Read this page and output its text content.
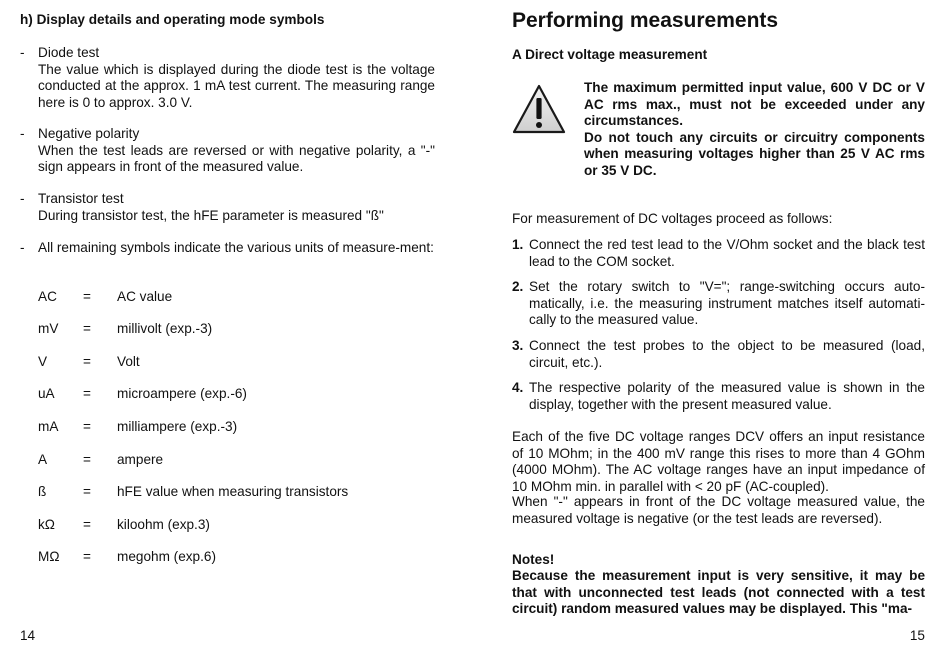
h) Display details and operating mode symbols

- Diode test
The value which is displayed during the diode test is the voltage conducted at the approx. 1 mA test current. The measuring range here is 0 to approx. 3.0 V.
- Negative polarity
When the test leads are reversed or with negative polarity, a "-" sign appears in front of the measured value.
- Transistor test
During transistor test, the hFE parameter is measured "ß"
- All remaining symbols indicate the various units of measure-ment:
AC = AC value
mV = millivolt (exp.-3)
V	= Volt
uA = microampere (exp.-6)
mA = milliampere (exp.-3)
A	= ampere
ß	= hFE value when measuring transistors
kΩ = kiloohm (exp.3)
MΩ = megohm (exp.6)
14
Performing measurements

A Direct voltage measurement

The maximum permitted input value, 600 V DC or V AC rms max., must not be exceeded under any circumstances.
Do not touch any circuits or circuitry components when measuring voltages higher than 25 V AC rms or 35 V DC.
For measurement of DC voltages proceed as follows:
1. Connect the red test lead to the V/Ohm socket and the black test lead to the COM socket.
2. Set the rotary switch to "V="; range-switching occurs auto-matically, i.e. the measuring instrument matches itself automati-cally to the measured value.
3. Connect the test probes to the object to be measured (load, circuit, etc.).
4. The respective polarity of the measured value is shown in the display, together with the present measured value.
Each of the five DC voltage ranges DCV offers an input resistance of 10 MOhm; in the 400 mV range this rises to more than 4 GOhm (4000 MOhm). The AC voltage ranges have an input impedance of 10 MOhm min. in parallel with < 20 pF (AC-coupled).
When "-" appears in front of the DC voltage measured value, the measured voltage is negative (or the test leads are reversed).
Notes!
Because the measurement input is very sensitive, it may be that with unconnected test leads (not connected with a test circuit) random measured values may be displayed. This "ma-
15
